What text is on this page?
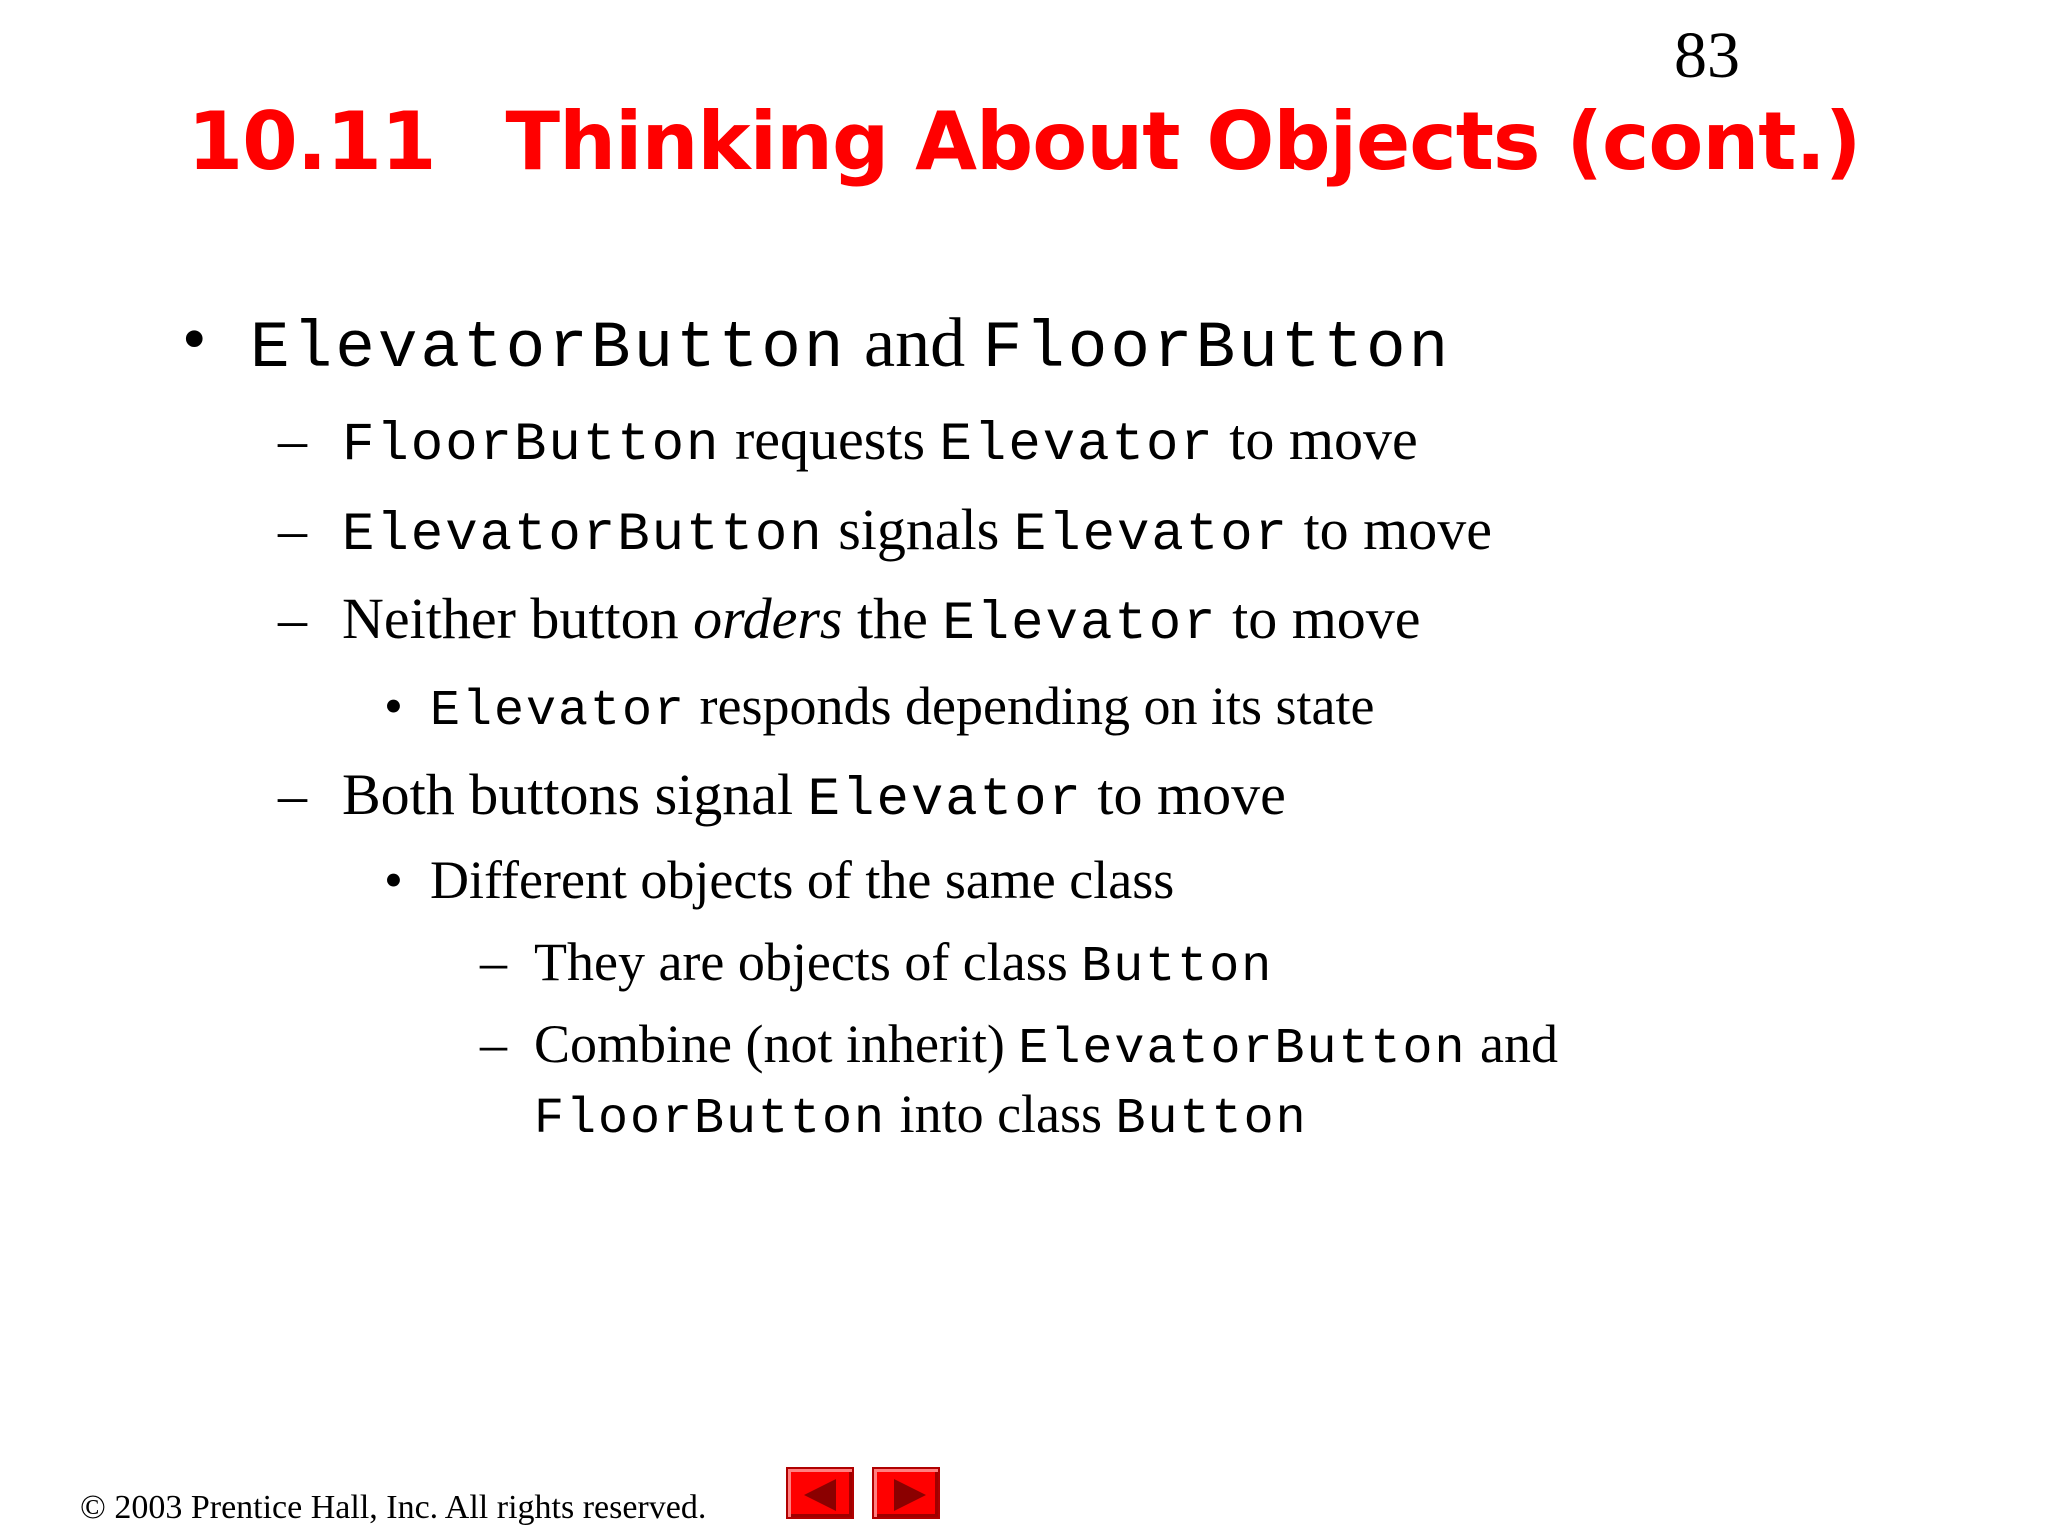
83
10.11 Thinking About Objects (cont.)
• ElevatorButton and FloorButton
– FloorButton requests Elevator to move
– ElevatorButton signals Elevator to move
– Neither button orders the Elevator to move
• Elevator responds depending on its state
– Both buttons signal Elevator to move
• Different objects of the same class
– They are objects of class Button
– Combine (not inherit) ElevatorButton and
FloorButton into class Button
© 2003 Prentice Hall, Inc. All rights reserved.
